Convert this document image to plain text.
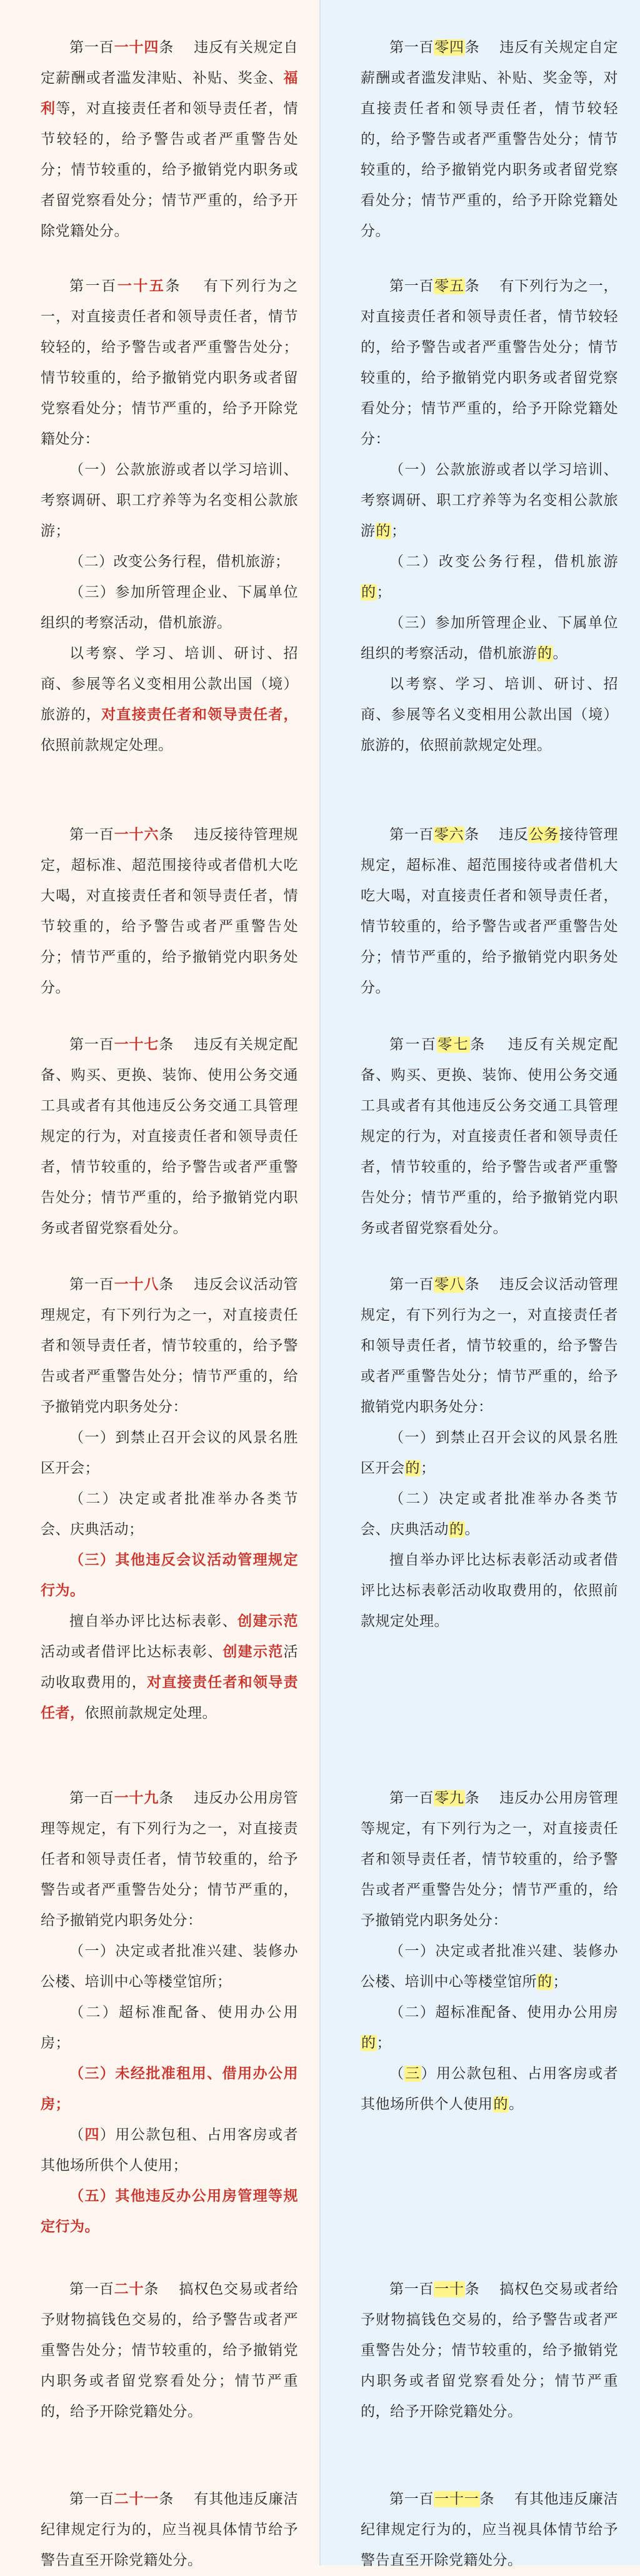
第一百一十四条 　违反有关规定自定薪酬或者滥发津贴、补贴、奖金、福利等，对直接责任者和领导责任者，情节较轻的，给予警告或者严重警告处分；情节较重的，给予撤销党内职务或者留党察看处分；情节严重的，给予开除党籍处分。

第一百一十五条 　有下列行为之一，对直接责任者和领导责任者，情节较轻的，给予警告或者严重警告处分；情节较重的，给予撤销党内职务或者留党察看处分；情节严重的，给予开除党籍处分：

（一）公款旅游或者以学习培训、考察调研、职工疗养等为名变相公款旅游；

（二）改变公务行程，借机旅游；

（三）参加所管理企业、下属单位组织的考察活动，借机旅游。

以考察、学习、培训、研讨、招商、参展等名义变相用公款出国（境）旅游的，对直接责任者和领导责任者，依照前款规定处理。

第一百一十六条 　违反接待管理规定，超标准、超范围接待或者借机大吃大喝，对直接责任者和领导责任者，情节较重的，给予警告或者严重警告处分；情节严重的，给予撤销党内职务处分。

第一百一十七条 　违反有关规定配备、购买、更换、装饰、使用公务交通工具或者有其他违反公务交通工具管理规定的行为，对直接责任者和领导责任者，情节较重的，给予警告或者严重警告处分；情节严重的，给予撤销党内职务或者留党察看处分。

第一百一十八条 　违反会议活动管理规定，有下列行为之一，对直接责任者和领导责任者，情节较重的，给予警告或者严重警告处分；情节严重的，给予撤销党内职务处分：

（一）到禁止召开会议的风景名胜区开会；

（二）决定或者批准举办各类节会、庆典活动；

（三）其他违反会议活动管理规定行为。

擅自举办评比达标表彰、创建示范活动或者借评比达标表彰、创建示范活动收取费用的，对直接责任者和领导责任者，依照前款规定处理。

第一百一十九条 　违反办公用房管理等规定，有下列行为之一，对直接责任者和领导责任者，情节较重的，给予警告或者严重警告处分；情节严重的，给予撤销党内职务处分：

（一）决定或者批准兴建、装修办公楼、培训中心等楼堂馆所；

（二）超标准配备、使用办公用房；

（三）未经批准租用、借用办公用房；

（四）用公款包租、占用客房或者其他场所供个人使用；

（五）其他违反办公用房管理等规定行为。

第一百二十条 　搞权色交易或者给予财物搞钱色交易的，给予警告或者严重警告处分；情节较重的，给予撤销党内职务或者留党察看处分；情节严重的，给予开除党籍处分。

第一百二十一条 　有其他违反廉洁纪律规定行为的，应当视具体情节给予警告直至开除党籍处分。

第一百零四条 　违反有关规定自定薪酬或者滥发津贴、补贴、奖金等，对直接责任者和领导责任者，情节较轻的，给予警告或者严重警告处分；情节较重的，给予撤销党内职务或者留党察看处分；情节严重的，给予开除党籍处分。

第一百零五条 　有下列行为之一，对直接责任者和领导责任者，情节较轻的，给予警告或者严重警告处分；情节较重的，给予撤销党内职务或者留党察看处分；情节严重的，给予开除党籍处分：

（一）公款旅游或者以学习培训、考察调研、职工疗养等为名变相公款旅游的；

（二）改变公务行程，借机旅游的；

（三）参加所管理企业、下属单位组织的考察活动，借机旅游的。

以考察、学习、培训、研讨、招商、参展等名义变相用公款出国（境）旅游的，依照前款规定处理。

第一百零六条 　违反公务接待管理规定，超标准、超范围接待或者借机大吃大喝，对直接责任者和领导责任者，情节较重的，给予警告或者严重警告处分；情节严重的，给予撤销党内职务处分。

第一百零七条 　违反有关规定配备、购买、更换、装饰、使用公务交通工具或者有其他违反公务交通工具管理规定的行为，对直接责任者和领导责任者，情节较重的，给予警告或者严重警告处分；情节严重的，给予撤销党内职务或者留党察看处分。

第一百零八条 　违反会议活动管理规定，有下列行为之一，对直接责任者和领导责任者，情节较重的，给予警告或者严重警告处分；情节严重的，给予撤销党内职务处分：

（一）到禁止召开会议的风景名胜区开会的；

（二）决定或者批准举办各类节会、庆典活动的。

擅自举办评比达标表彰活动或者借评比达标表彰活动收取费用的，依照前款规定处理。

第一百零九条 　违反办公用房管理等规定，有下列行为之一，对直接责任者和领导责任者，情节较重的，给予警告或者严重警告处分；情节严重的，给予撤销党内职务处分：

（一）决定或者批准兴建、装修办公楼、培训中心等楼堂馆所的；

（二）超标准配备、使用办公用房的；

（三）用公款包租、占用客房或者其他场所供个人使用的。

第一百一十条 　搞权色交易或者给予财物搞钱色交易的，给予警告或者严重警告处分；情节较重的，给予撤销党内职务或者留党察看处分；情节严重的，给予开除党籍处分。

第一百一十一条 　有其他违反廉洁纪律规定行为的，应当视具体情节给予警告直至开除党籍处分。
